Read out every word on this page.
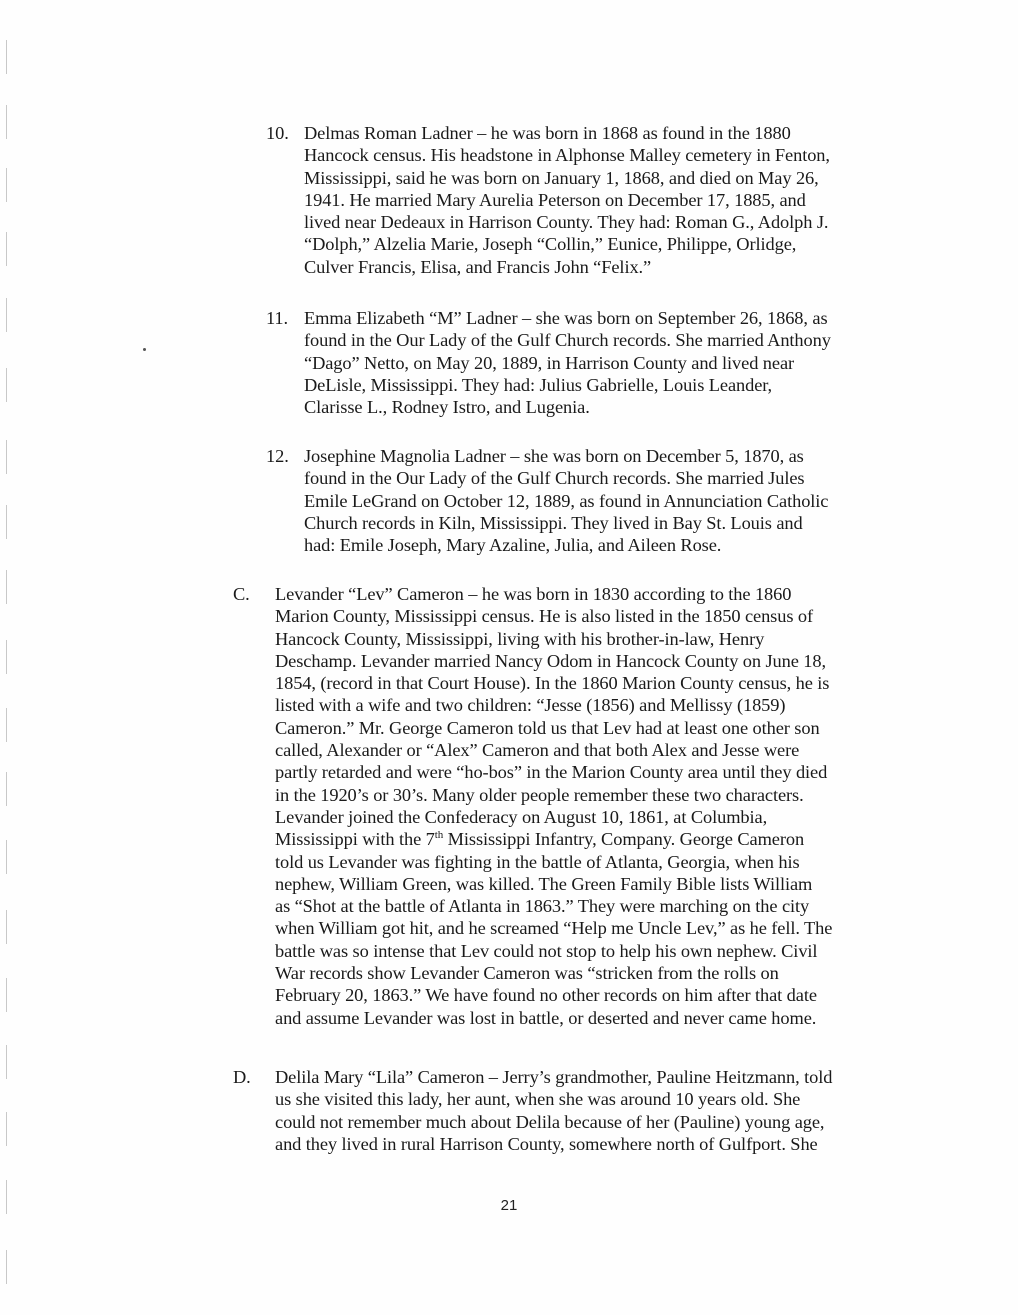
10. Delmas Roman Ladner – he was born in 1868 as found in the 1880
Hancock census. His headstone in Alphonse Malley cemetery in Fenton,
Mississippi, said he was born on January 1, 1868, and died on May 26,
1941. He married Mary Aurelia Peterson on December 17, 1885, and
lived near Dedeaux in Harrison County. They had: Roman G., Adolph J.
“Dolph,” Alzelia Marie, Joseph “Collin,” Eunice, Philippe, Orlidge,
Culver Francis, Elisa, and Francis John “Felix.”

11. Emma Elizabeth “M” Ladner – she was born on September 26, 1868, as
found in the Our Lady of the Gulf Church records. She married Anthony
“Dago” Netto, on May 20, 1889, in Harrison County and lived near
DeLisle, Mississippi. They had: Julius Gabrielle, Louis Leander,
Clarisse L., Rodney Istro, and Lugenia.

12. Josephine Magnolia Ladner – she was born on December 5, 1870, as
found in the Our Lady of the Gulf Church records. She married Jules
Emile LeGrand on October 12, 1889, as found in Annunciation Catholic
Church records in Kiln, Mississippi. They lived in Bay St. Louis and
had: Emile Joseph, Mary Azaline, Julia, and Aileen Rose.

C.	Levander “Lev” Cameron – he was born in 1830 according to the 1860
Marion County, Mississippi census. He is also listed in the 1850 census of
Hancock County, Mississippi, living with his brother-in-law, Henry
Deschamp. Levander married Nancy Odom in Hancock County on June 18,
1854, (record in that Court House). In the 1860 Marion County census, he is
listed with a wife and two children: “Jesse (1856) and Mellissy (1859)
Cameron.” Mr. George Cameron told us that Lev had at least one other son
called, Alexander or “Alex” Cameron and that both Alex and Jesse were
partly retarded and were “ho-bos” in the Marion County area until they died
in the 1920’s or 30’s. Many older people remember these two characters.
Levander joined the Confederacy on August 10, 1861, at Columbia,
Mississippi with the 7th Mississippi Infantry, Company. George Cameron
told us Levander was fighting in the battle of Atlanta, Georgia, when his
nephew, William Green, was killed. The Green Family Bible lists William
as “Shot at the battle of Atlanta in 1863.” They were marching on the city
when William got hit, and he screamed “Help me Uncle Lev,” as he fell. The
battle was so intense that Lev could not stop to help his own nephew. Civil
War records show Levander Cameron was “stricken from the rolls on
February 20, 1863.” We have found no other records on him after that date
and assume Levander was lost in battle, or deserted and never came home.

D.	Delila Mary “Lila” Cameron – Jerry’s grandmother, Pauline Heitzmann, told
us she visited this lady, her aunt, when she was around 10 years old. She
could not remember much about Delila because of her (Pauline) young age,
and they lived in rural Harrison County, somewhere north of Gulfport. She

21
